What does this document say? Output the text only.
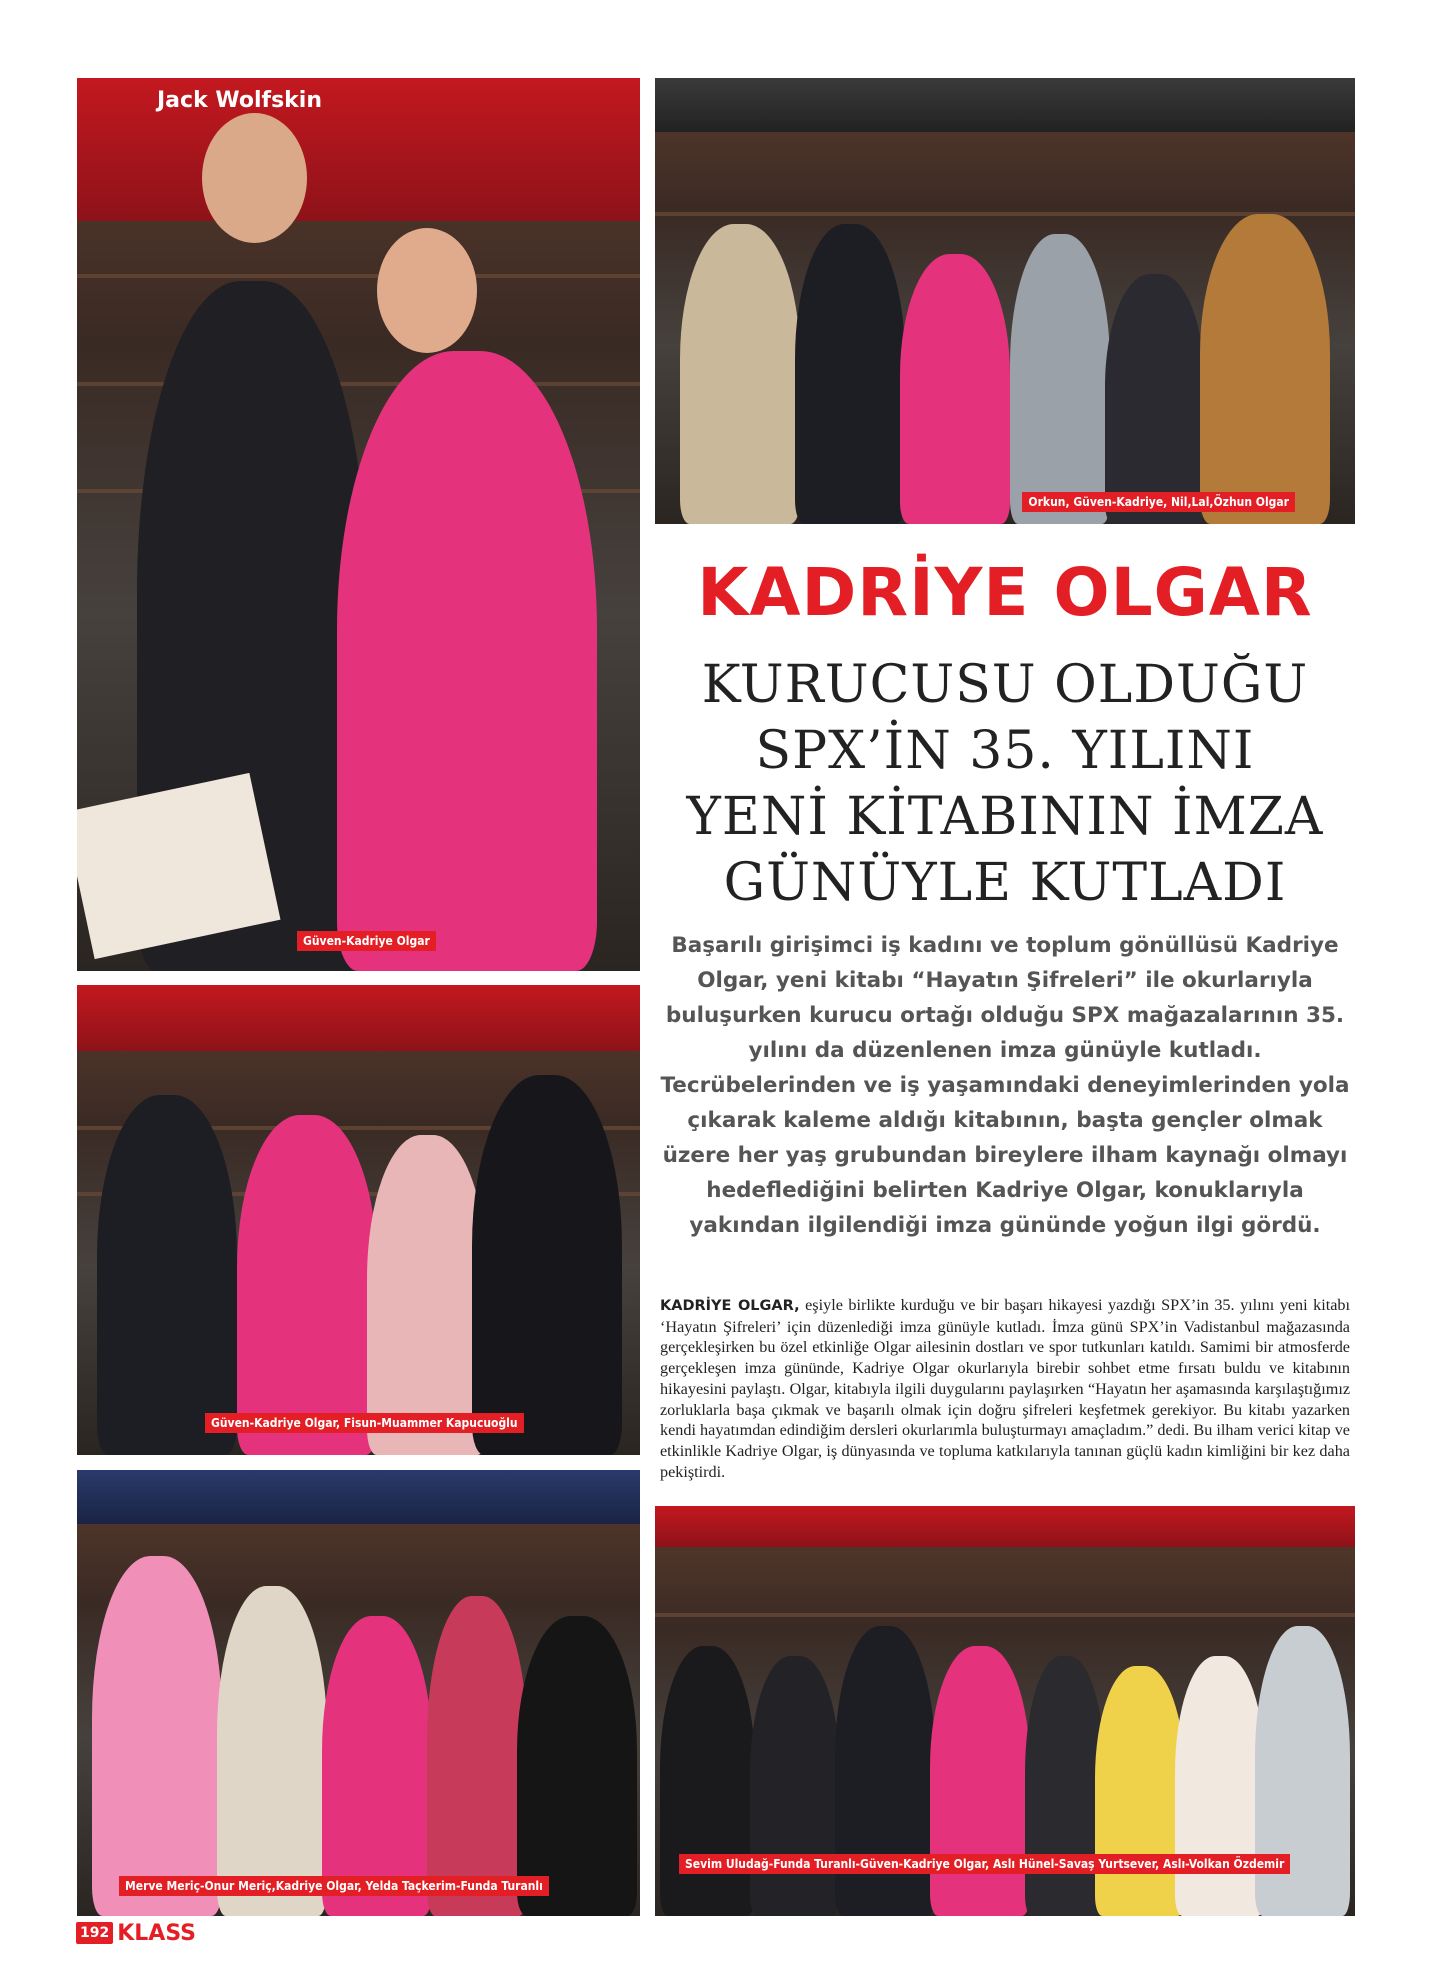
Jack Wolfskin
Güven-Kadriye Olgar
Orkun, Güven-Kadriye, Nil,Lal,Özhun Olgar
KADRİYE OLGAR
KURUCUSU OLDUĞU
SPX’İN 35. YILINI
YENİ KİTABININ İMZA
GÜNÜYLE KUTLADI
Başarılı girişimci iş kadını ve toplum gönüllüsü Kadriye Olgar, yeni kitabı “Hayatın Şifreleri” ile okurlarıyla buluşurken kurucu ortağı olduğu SPX mağazalarının 35. yılını da düzenlenen imza günüyle kutladı. Tecrübelerinden ve iş yaşamındaki deneyimlerinden yola çıkarak kaleme aldığı kitabının, başta gençler olmak üzere her yaş grubundan bireylere ilham kaynağı olmayı hedeflediğini belirten Kadriye Olgar, konuklarıyla yakından ilgilendiği imza gününde yoğun ilgi gördü.
KADRİYE OLGAR, eşiyle birlikte kurduğu ve bir başarı hikayesi yazdığı SPX’in 35. yılını yeni kitabı ‘Hayatın Şifreleri’ için düzenlediği imza günüyle kutladı. İmza günü SPX’in Vadistanbul mağazasında gerçekleşirken bu özel etkinliğe Olgar ailesinin dostları ve spor tutkunları katıldı. Samimi bir atmosferde gerçekleşen imza gününde, Kadriye Olgar okurlarıyla birebir sohbet etme fırsatı buldu ve kitabının hikayesini paylaştı. Olgar, kitabıyla ilgili duygularını paylaşırken “Hayatın her aşamasında karşılaştığımız zorluklarla başa çıkmak ve başarılı olmak için doğru şifreleri keşfetmek gerekiyor. Bu kitabı yazarken kendi hayatımdan edindiğim dersleri okurlarımla buluşturmayı amaçladım.” dedi. Bu ilham verici kitap ve etkinlikle Kadriye Olgar, iş dünyasında ve topluma katkılarıyla tanınan güçlü kadın kimliğini bir kez daha pekiştirdi.
Güven-Kadriye Olgar, Fisun-Muammer Kapucuoğlu
Merve Meriç-Onur Meriç,Kadriye Olgar, Yelda Taçkerim-Funda Turanlı
Sevim Uludağ-Funda Turanlı-Güven-Kadriye Olgar, Aslı Hünel-Savaş Yurtsever, Aslı-Volkan Özdemir
192 KLASS
